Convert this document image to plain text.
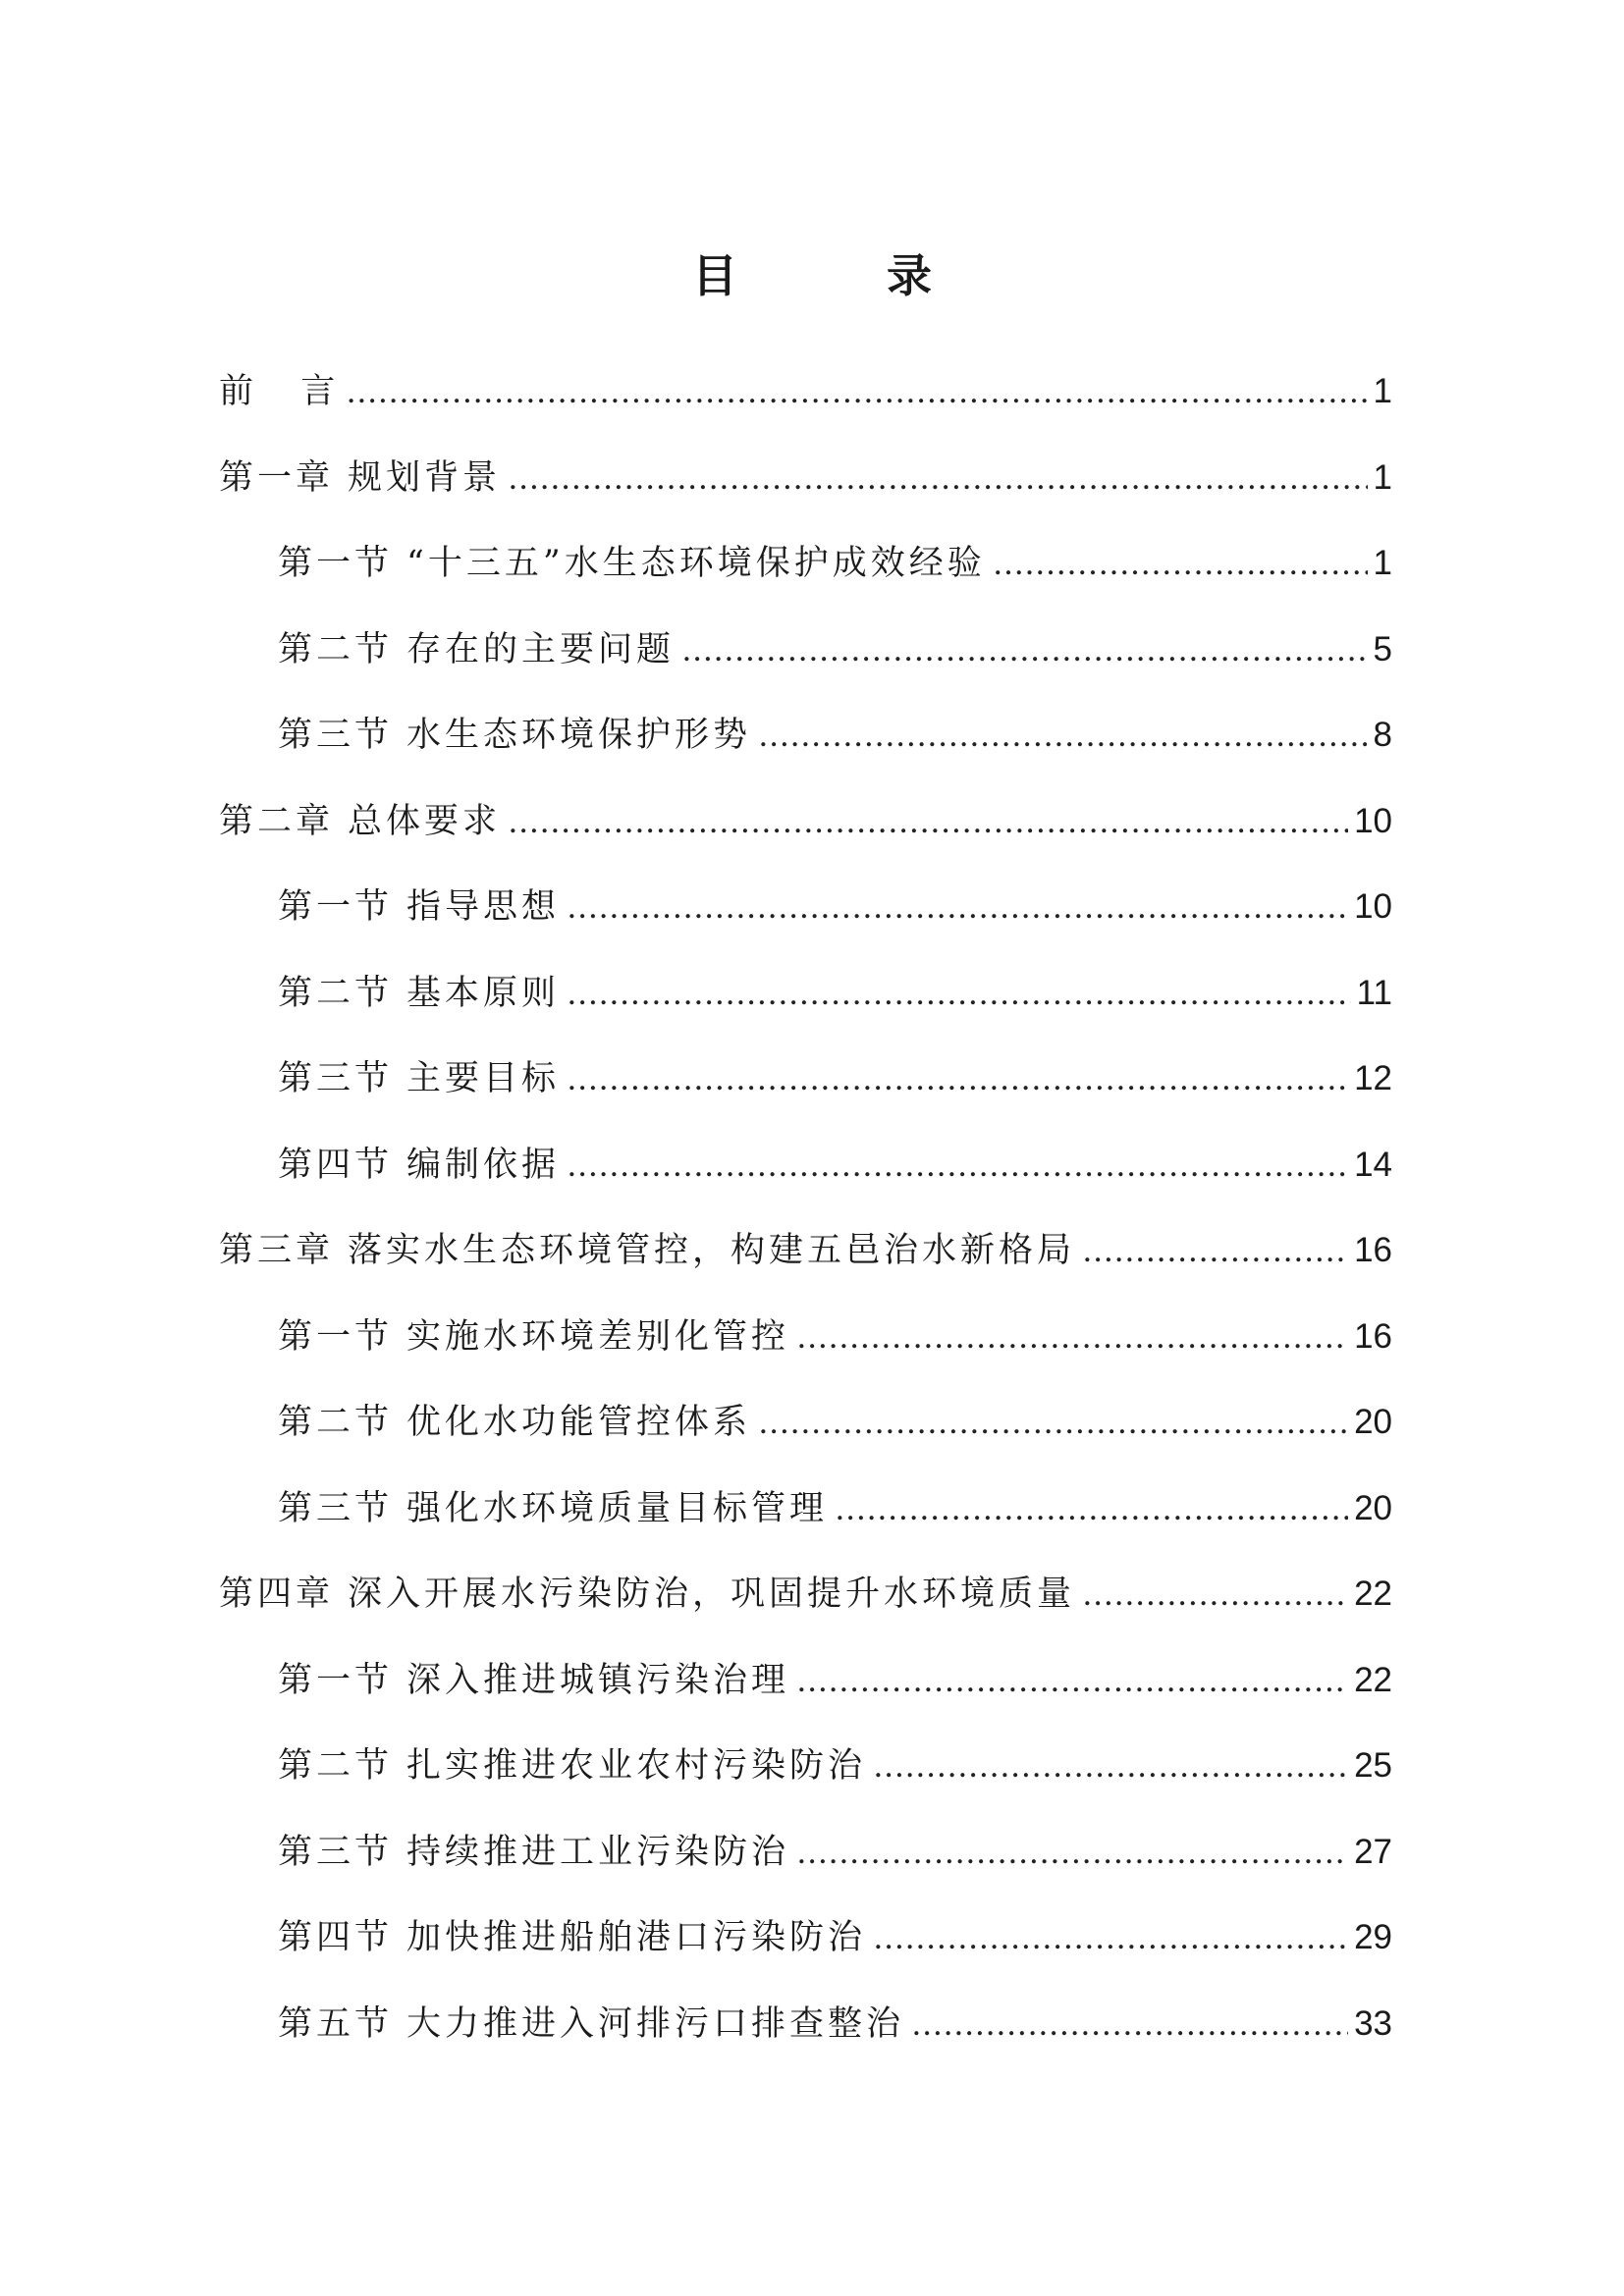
目  录
前  言 .....	1
第一章 规划背景 .....	1
第一节 “十三五”水生态环境保护成效经验 .....	1
第二节 存在的主要问题 .....	5
第三节 水生态环境保护形势 .....	8
第二章 总体要求 .....	10
第一节 指导思想 .....	10
第二节 基本原则 .....	11
第三节 主要目标 .....	12
第四节 编制依据 .....	14
第三章 落实水生态环境管控，构建五邑治水新格局 .....	16
第一节 实施水环境差别化管控 .....	16
第二节 优化水功能管控体系 .....	20
第三节 强化水环境质量目标管理 .....	20
第四章 深入开展水污染防治，巩固提升水环境质量 .....	22
第一节 深入推进城镇污染治理 .....	22
第二节 扎实推进农业农村污染防治 .....	25
第三节 持续推进工业污染防治 .....	27
第四节 加快推进船舶港口污染防治 .....	29
第五节 大力推进入河排污口排查整治 .....	33
